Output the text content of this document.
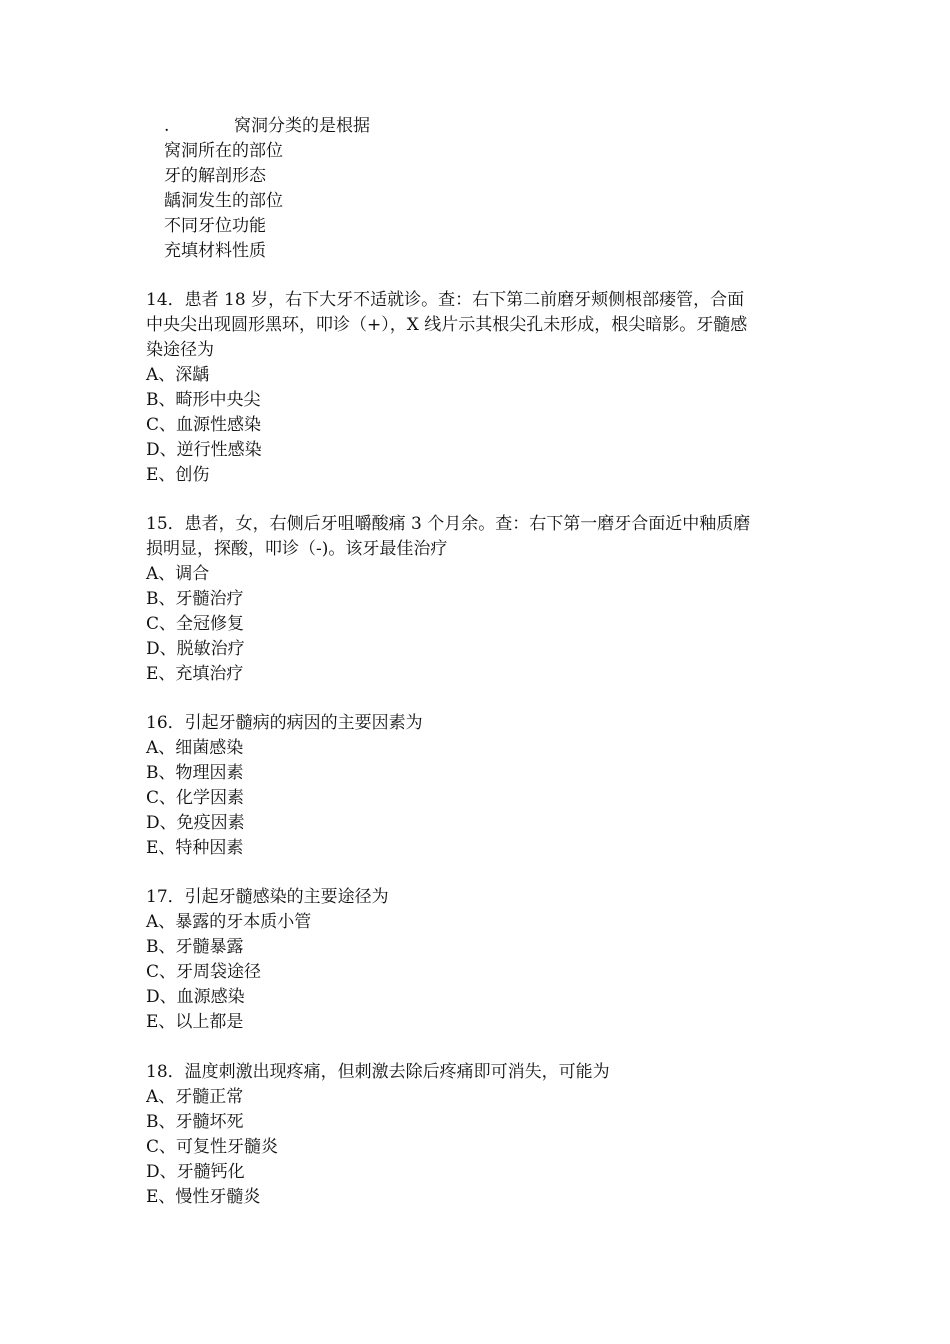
.	窝洞分类的是根据
窝洞所在的部位
牙的解剖形态
龋洞发生的部位
不同牙位功能
充填材料性质
14．患者 18 岁，右下大牙不适就诊。查：右下第二前磨牙颊侧根部瘘管，合面
中央尖出现圆形黑环，叩诊（+），X 线片示其根尖孔未形成，根尖暗影。牙髓感
染途径为
A、深龋
B、畸形中央尖
C、血源性感染
D、逆行性感染
E、创伤
15．患者，女，右侧后牙咀嚼酸痛 3 个月余。查：右下第一磨牙合面近中釉质磨
损明显，探酸，叩诊（-)。该牙最佳治疗
A、调合
B、牙髓治疗
C、全冠修复
D、脱敏治疗
E、充填治疗
16．引起牙髓病的病因的主要因素为
A、细菌感染
B、物理因素
C、化学因素
D、免疫因素
E、特种因素
17．引起牙髓感染的主要途径为
A、暴露的牙本质小管
B、牙髓暴露
C、牙周袋途径
D、血源感染
E、以上都是
18．温度刺激出现疼痛，但刺激去除后疼痛即可消失，可能为
A、牙髓正常
B、牙髓坏死
C、可复性牙髓炎
D、牙髓钙化
E、慢性牙髓炎
